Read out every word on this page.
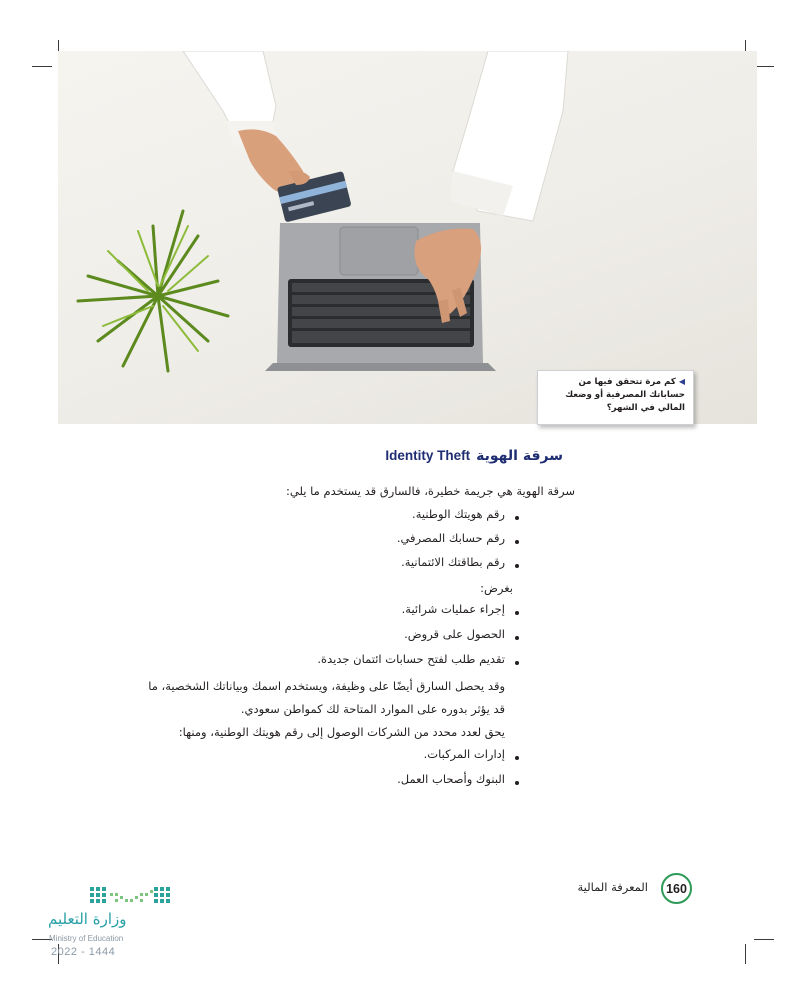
◀كم مرة تتحقق فيها من حساباتك المصرفية أو وضعك المالي في الشهر؟
سرقة الهويةIdentity Theft
سرقة الهوية هي جريمة خطيرة، فالسارق قد يستخدم ما يلي:
رقم هويتك الوطنية.
رقم حسابك المصرفي.
رقم بطاقتك الائتمانية.
بغرض:
إجراء عمليات شرائية.
الحصول على قروض.
تقديم طلب لفتح حسابات ائتمان جديدة.
وقد يحصل السارق أيضًا على وظيفة، ويستخدم اسمك وبياناتك الشخصية، ما
قد يؤثر بدوره على الموارد المتاحة لك كمواطن سعودي.
يحق لعدد محدد من الشركات الوصول إلى رقم هويتك الوطنية، ومنها:
إدارات المركبات.
البنوك وأصحاب العمل.
160
المعرفة المالية
وزارة التعليم
Ministry of Education
2022 - 1444
